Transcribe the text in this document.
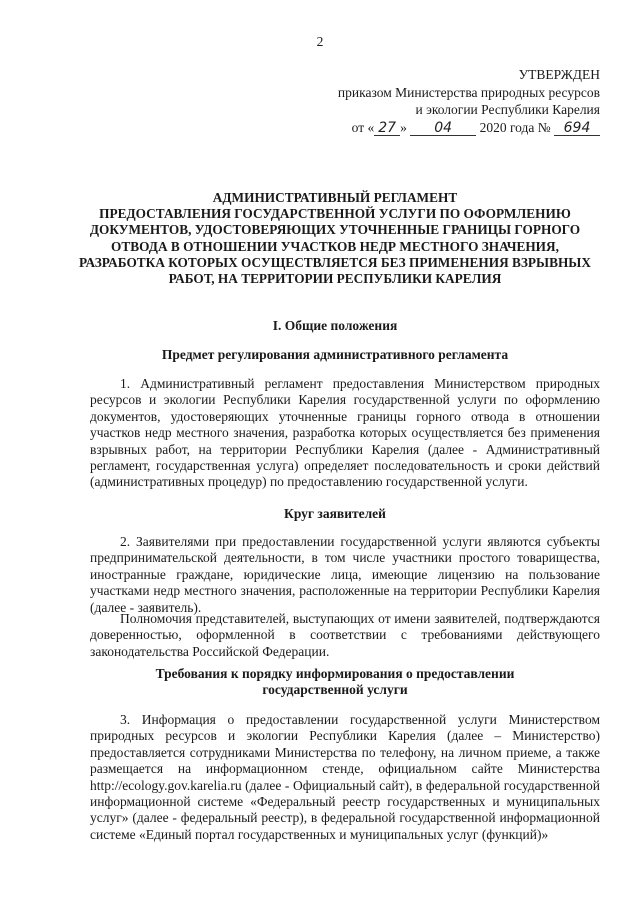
2
УТВЕРЖДЕН
приказом Министерства природных ресурсов
и экологии Республики Карелия
от « 27 » 04 2020 года № 694
АДМИНИСТРАТИВНЫЙ РЕГЛАМЕНТ
ПРЕДОСТАВЛЕНИЯ ГОСУДАРСТВЕННОЙ УСЛУГИ ПО ОФОРМЛЕНИЮ
ДОКУМЕНТОВ, УДОСТОВЕРЯЮЩИХ УТОЧНЕННЫЕ ГРАНИЦЫ ГОРНОГО
ОТВОДА В ОТНОШЕНИИ УЧАСТКОВ НЕДР МЕСТНОГО ЗНАЧЕНИЯ,
РАЗРАБОТКА КОТОРЫХ ОСУЩЕСТВЛЯЕТСЯ БЕЗ ПРИМЕНЕНИЯ ВЗРЫВНЫХ
РАБОТ, НА ТЕРРИТОРИИ РЕСПУБЛИКИ КАРЕЛИЯ
I. Общие положения
Предмет регулирования административного регламента

1. Административный регламент предоставления Министерством природных ресурсов и экологии Республики Карелия государственной услуги по оформлению документов, удостоверяющих уточненные границы горного отвода в отношении участков недр местного значения, разработка которых осуществляется без применения взрывных работ, на территории Республики Карелия (далее - Административный регламент, государственная услуга) определяет последовательность и сроки действий (административных процедур) по предоставлению государственной услуги.

Круг заявителей

2. Заявителями при предоставлении государственной услуги являются субъекты предпринимательской деятельности, в том числе участники простого товарищества, иностранные граждане, юридические лица, имеющие лицензию на пользование участками недр местного значения, расположенные на территории Республики Карелия (далее - заявитель).

Полномочия представителей, выступающих от имени заявителей, подтверждаются доверенностью, оформленной в соответствии с требованиями действующего законодательства Российской Федерации.

Требования к порядку информирования о предоставлении
государственной услуги

3. Информация о предоставлении государственной услуги Министерством природных ресурсов и экологии Республики Карелия (далее – Министерство) предоставляется сотрудниками Министерства по телефону, на личном приеме, а также размещается на информационном стенде, официальном сайте Министерства http://ecology.gov.karelia.ru (далее - Официальный сайт), в федеральной государственной информационной системе «Федеральный реестр государственных и муниципальных услуг» (далее - федеральный реестр), в федеральной государственной информационной системе «Единый портал государственных и муниципальных услуг (функций)»
